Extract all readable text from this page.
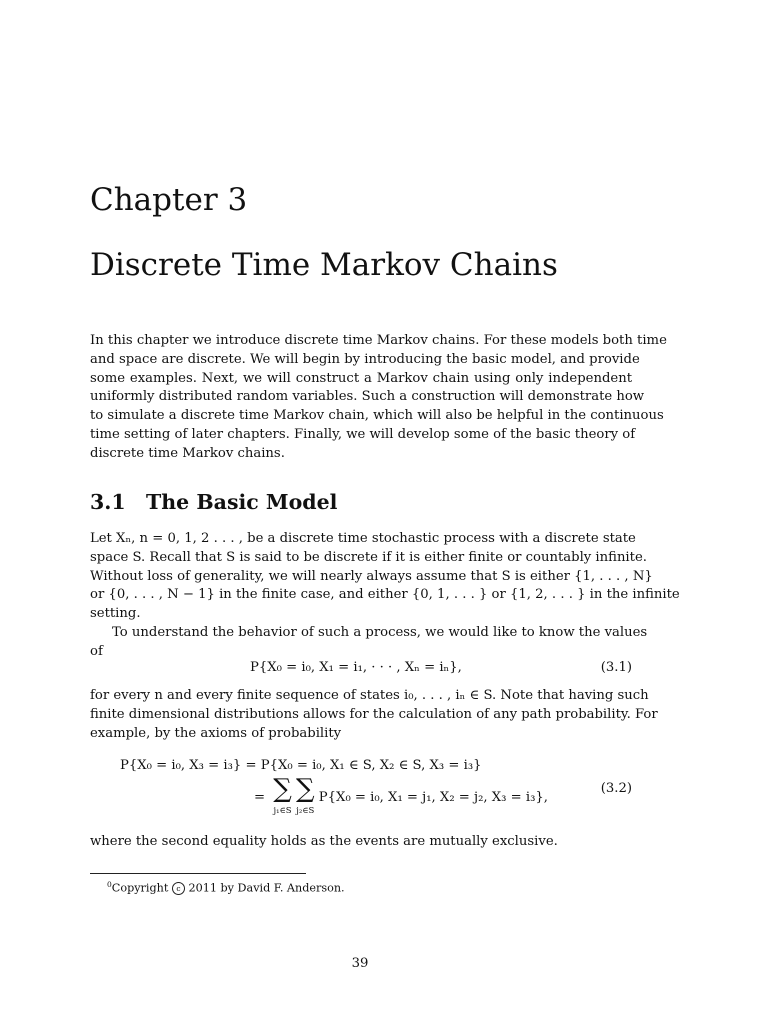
Chapter 3
Discrete Time Markov Chains
In this chapter we introduce discrete time Markov chains. For these models both time
and space are discrete. We will begin by introducing the basic model, and provide
some examples. Next, we will construct a Markov chain using only independent
uniformly distributed random variables. Such a construction will demonstrate how
to simulate a discrete time Markov chain, which will also be helpful in the continuous
time setting of later chapters. Finally, we will develop some of the basic theory of
discrete time Markov chains.
3.1 The Basic Model
Let Xₙ, n = 0, 1, 2 . . . , be a discrete time stochastic process with a discrete state
space S. Recall that S is said to be discrete if it is either finite or countably infinite.
Without loss of generality, we will nearly always assume that S is either {1, . . . , N}
or {0, . . . , N − 1} in the finite case, and either {0, 1, . . . } or {1, 2, . . . } in the infinite
setting.
To understand the behavior of such a process, we would like to know the values
of
P{X₀ = i₀, X₁ = i₁, · · · , Xₙ = iₙ},	(3.1)
for every n and every finite sequence of states i₀, . . . , iₙ ∈ S. Note that having such
finite dimensional distributions allows for the calculation of any path probability. For
example, by the axioms of probability
P{X₀ = i₀, X₃ = i₃} = P{X₀ = i₀, X₁ ∈ S, X₂ ∈ S, X₃ = i₃}
= ∑
j₁∈S ∑
j₂∈S P{X₀ = i₀, X₁ = j₁, X₂ = j₂, X₃ = i₃},
(3.2)
where the second equality holds as the events are mutually exclusive.
$^0$Copyright c 2011 by David F. Anderson.
39
